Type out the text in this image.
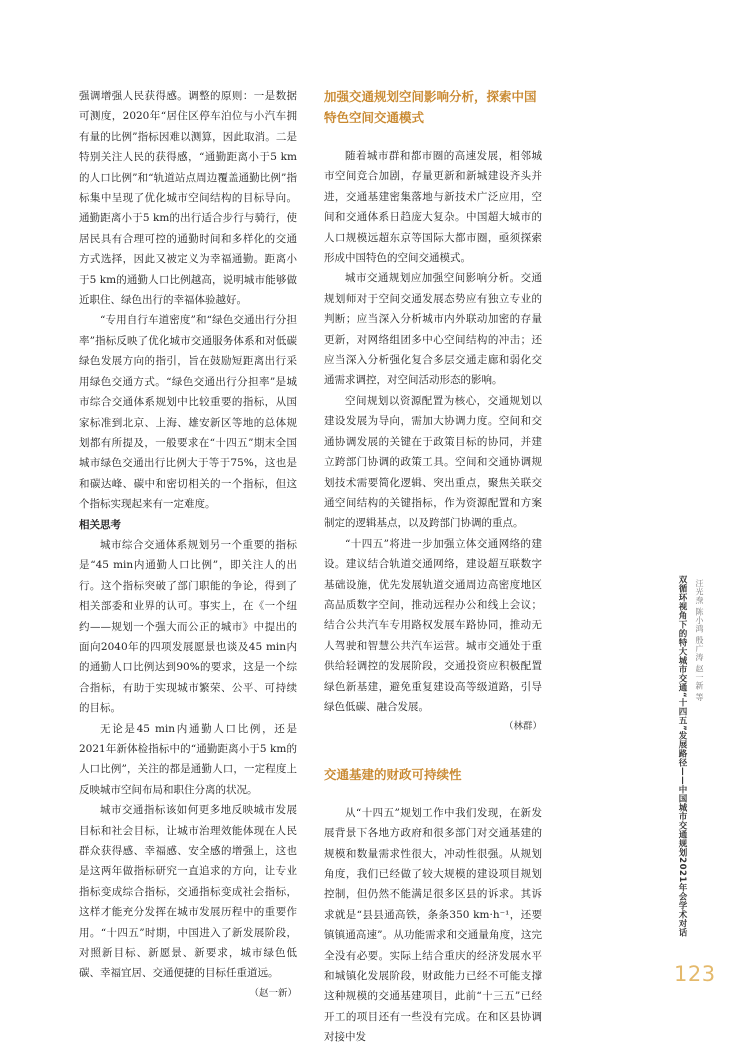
强调增强人民获得感。调整的原则：一是数据可测度，2020年“居住区停车泊位与小汽车拥有量的比例”指标因难以测算，因此取消。二是特别关注人民的获得感，“通勤距离小于5 km的人口比例”和“轨道站点周边覆盖通勤比例”指标集中呈现了优化城市空间结构的目标导向。通勤距离小于5 km的出行适合步行与骑行，使居民具有合理可控的通勤时间和多样化的交通方式选择，因此又被定义为幸福通勤。距离小于5 km的通勤人口比例越高，说明城市能够做近职住、绿色出行的幸福体验越好。

“专用自行车道密度”和“绿色交通出行分担率”指标反映了优化城市交通服务体系和对低碳绿色发展方向的指引，旨在鼓励短距离出行采用绿色交通方式。“绿色交通出行分担率”是城市综合交通体系规划中比较重要的指标，从国家标准到北京、上海、雄安新区等地的总体规划都有所提及，一般要求在“十四五”期末全国城市绿色交通出行比例大于等于75%，这也是和碳达峰、碳中和密切相关的一个指标，但这个指标实现起来有一定难度。

相关思考

城市综合交通体系规划另一个重要的指标是“45 min内通勤人口比例”，即关注人的出行。这个指标突破了部门职能的争论，得到了相关部委和业界的认可。事实上，在《一个纽约——规划一个强大而公正的城市》中提出的面向2040年的四项发展愿景也谈及45 min内的通勤人口比例达到90%的要求，这是一个综合指标，有助于实现城市繁荣、公平、可持续的目标。

无论是45 min内通勤人口比例，还是2021年新体检指标中的“通勤距离小于5 km的人口比例”，关注的都是通勤人口，一定程度上反映城市空间布局和职住分离的状况。

城市交通指标该如何更多地反映城市发展目标和社会目标，让城市治理效能体现在人民群众获得感、幸福感、安全感的增强上，这也是这两年做指标研究一直追求的方向，让专业指标变成综合指标，交通指标变成社会指标，这样才能充分发挥在城市发展历程中的重要作用。“十四五”时期，中国进入了新发展阶段，对照新目标、新愿景、新要求，城市绿色低碳、幸福宜居、交通便捷的目标任重道远。

（赵一新）

加强交通规划空间影响分析，探索中国特色空间交通模式

随着城市群和都市圈的高速发展，相邻城市空间竞合加剧，存量更新和新城建设齐头并进，交通基建密集落地与新技术广泛应用，空间和交通体系日趋庞大复杂。中国超大城市的人口规模远超东京等国际大都市圈，亟须探索形成中国特色的空间交通模式。

城市交通规划应加强空间影响分析。交通规划师对于空间交通发展态势应有独立专业的判断；应当深入分析城市内外联动加密的存量更新，对网络组团多中心空间结构的冲击；还应当深入分析强化复合多层交通走廊和弱化交通需求调控，对空间活动形态的影响。

空间规划以资源配置为核心，交通规划以建设发展为导向，需加大协调力度。空间和交通协调发展的关键在于政策目标的协同，并建立跨部门协调的政策工具。空间和交通协调规划技术需要简化逻辑、突出重点，聚焦关联交通空间结构的关键指标，作为资源配置和方案制定的逻辑基点，以及跨部门协调的重点。

“十四五”将进一步加强立体交通网络的建设。建议结合轨道交通网络，建设超互联数字基础设施，优先发展轨道交通周边高密度地区高品质数字空间，推动远程办公和线上会议；结合公共汽车专用路权发展车路协同，推动无人驾驶和智慧公共汽车运营。城市交通处于重供给轻调控的发展阶段，交通投资应积极配置绿色新基建，避免重复建设高等级道路，引导绿色低碳、融合发展。

（林群）

交通基建的财政可持续性

从“十四五”规划工作中我们发现，在新发展背景下各地方政府和很多部门对交通基建的规模和数量需求性很大，冲动性很强。从规划角度，我们已经做了较大规模的建设项目规划控制，但仍然不能满足很多区县的诉求。其诉求就是“县县通高铁，条条350 km·h⁻¹，还要镇镇通高速”。从功能需求和交通量角度，这完全没有必要。实际上结合重庆的经济发展水平和城镇化发展阶段，财政能力已经不可能支撑这种规模的交通基建项目，此前“十三五”已经开工的项目还有一些没有完成。在和区县协调对接中发

双循环视角下的特大城市交通“十四五”发展路径——中国城市交通规划2021年会学术对话 汪光焘 陈小鸿 殷广涛 赵一新 等
123
